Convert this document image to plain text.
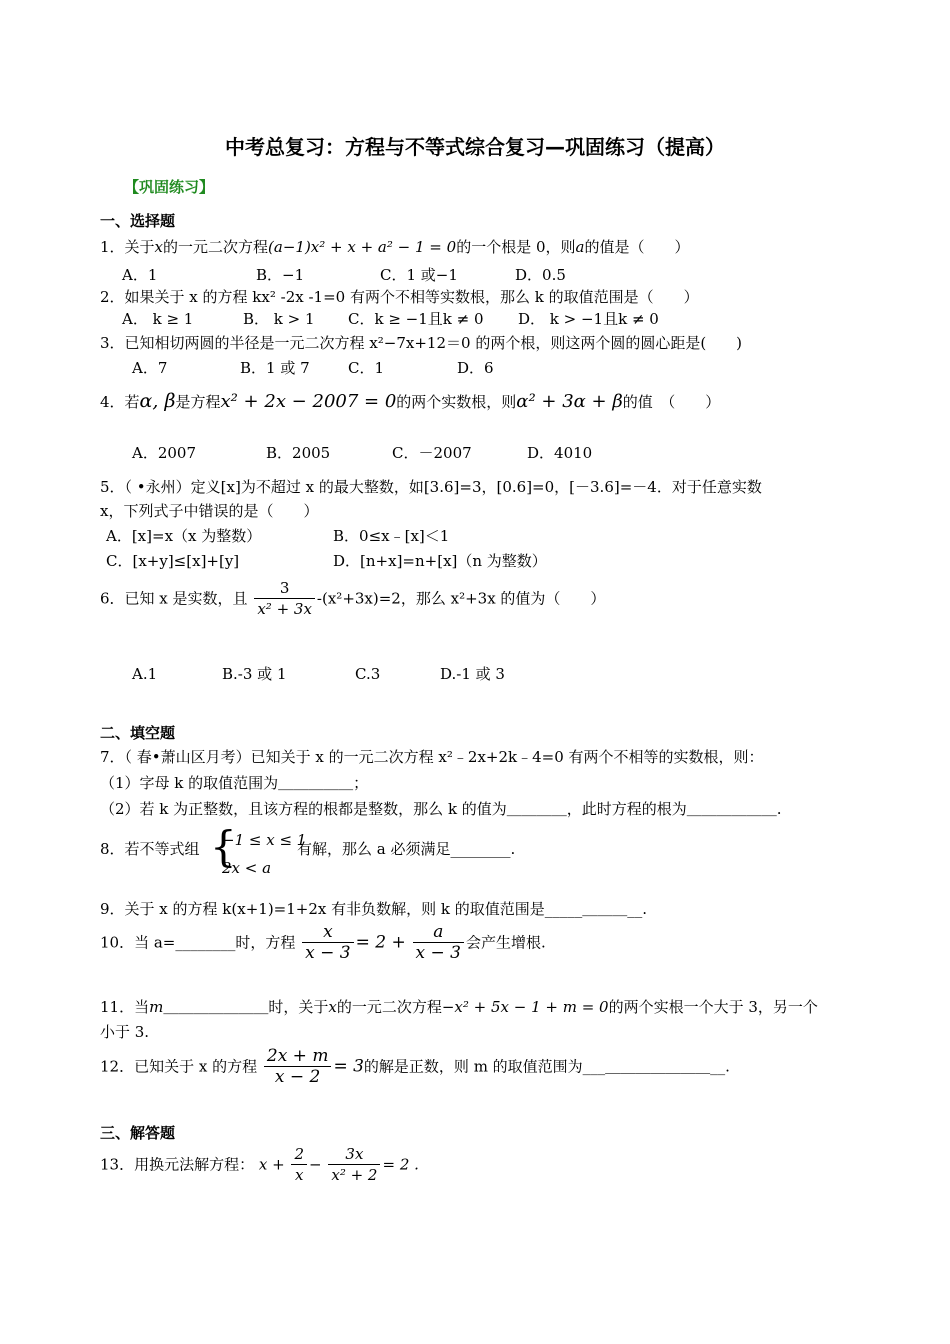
中考总复习：方程与不等式综合复习—巩固练习（提高）
【巩固练习】
一、选择题
1．关于x的一元二次方程(a−1)x² + x + a² − 1 = 0的一个根是 0，则a的值是（　　）
A．1	B．−1	C．1 或−1	D．0.5
2．如果关于 x 的方程 kx² -2x -1=0 有两个不相等实数根，那么 k 的取值范围是（　　）
A． k ≥ 1	B． k > 1 C．k ≥ −1且k ≠ 0 D． k > −1且k ≠ 0
3．已知相切两圆的半径是一元二次方程 x²−7x+12＝0 的两个根，则这两个圆的圆心距是(　　)
A．7	B．1 或 7	C．1	D．6
4．若α, β是方程x² + 2x − 2007 = 0的两个实数根，则α² + 3α + β的值　（　　）
A．2007	B．2005	C．－2007	D．4010
5．（ •永州）定义[x]为不超过 x 的最大整数，如[3.6]=3，[0.6]=0，[－3.6]=－4．对于任意实数
x，下列式子中错误的是（　　）
A．[x]=x（x 为整数）	B．0≤x﹣[x]＜1
C．[x+y]≤[x]+[y]	D．[n+x]=n+[x]（n 为整数）
6．已知 x 是实数，且 $\frac{3}{\text{x² + 3x}} -(x^2+3x)=2$，那么 x²+3x 的值为（　　）
A.1	B.-3 或 1	C.3	D.-1 或 3
二、填空题
7．（ 春•萧山区月考）已知关于 x 的一元二次方程 x²﹣2x+2k﹣4=0 有两个不相等的实数根，则：
（1）字母 k 的取值范围为＿＿＿＿＿；
（2）若 k 为正整数，且该方程的根都是整数，那么 k 的值为＿＿＿＿，此时方程的根为＿＿＿＿＿＿.
8．若不等式组 {
−1 ≤ x ≤ 1
2x < a
有解，那么 a 必须满足________.
9．关于 x 的方程 k(x+1)=1+2x 有非负数解，则 k 的取值范围是_____＿＿＿__.
10．当 a=________时，方程 $\frac{x}{x - 3} = 2 + \frac{a}{x - 3}$ 会产生增根.
11．当m＿＿＿＿＿＿＿时，关于x的一元二次方程−x² + 5x − 1 + m = 0的两个实根一个大于 3，另一个
小于 3.
12．已知关于 x 的方程 $\frac{2x + m}{x - 2} = 3$的解是正数，则 m 的取值范围为___＿＿＿＿＿＿＿__.
三、解答题
13．用换元法解方程： $x + \frac{2}{x} - \frac{3x}{\text{x² + 2}} = 2$ .
